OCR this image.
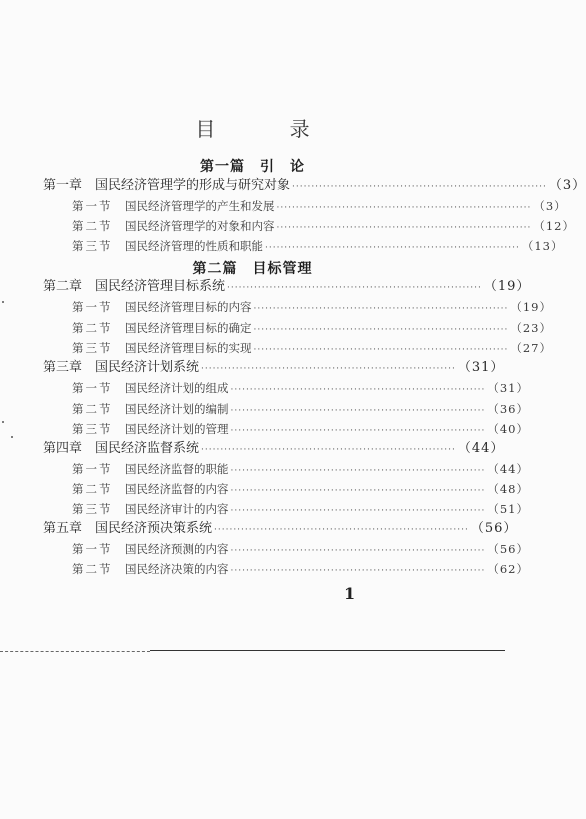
目 录
第一篇　引　论
第一章 国民经济管理学的形成与研究对象 ·································································· （3）
第一节	国民经济管理学的产生和发展 ·································································· （3）
第二节	国民经济管理学的对象和内容 ·································································· （12）
第三节	国民经济管理的性质和职能 ·································································· （13）
第二篇　目标管理
第二章 国民经济管理目标系统 ·································································· （19）
第一节	国民经济管理目标的内容 ·································································· （19）
第二节	国民经济管理目标的确定 ·································································· （23）
第三节	国民经济管理目标的实现 ·································································· （27）
第三章 国民经济计划系统 ·································································· （31）
第一节	国民经济计划的组成 ·································································· （31）
第二节	国民经济计划的编制 ·································································· （36）
第三节	国民经济计划的管理 ·································································· （40）
第四章 国民经济监督系统 ·································································· （44）
第一节	国民经济监督的职能 ·································································· （44）
第二节	国民经济监督的内容 ·································································· （48）
第三节	国民经济审计的内容 ·································································· （51）
第五章 国民经济预决策系统 ·································································· （56）
第一节	国民经济预测的内容 ·································································· （56）
第二节	国民经济决策的内容 ·································································· （62）
1
